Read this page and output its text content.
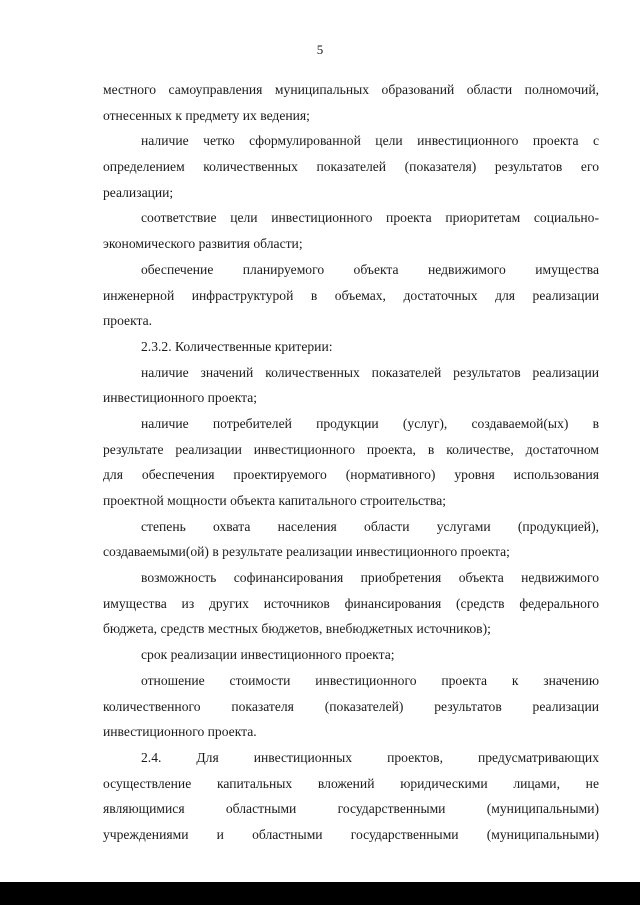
5
местного самоуправления муниципальных образований области полномочий,
отнесенных к предмету их ведения;
наличие четко сформулированной цели инвестиционного проекта с
определением количественных показателей (показателя) результатов его
реализации;
соответствие цели инвестиционного проекта приоритетам социально-
экономического развития области;
обеспечение планируемого объекта недвижимого имущества
инженерной инфраструктурой в объемах, достаточных для реализации
проекта.
2.3.2. Количественные критерии:
наличие значений количественных показателей результатов реализации
инвестиционного проекта;
наличие потребителей продукции (услуг), создаваемой(ых) в
результате реализации инвестиционного проекта, в количестве, достаточном
для обеспечения проектируемого (нормативного) уровня использования
проектной мощности объекта капитального строительства;
степень охвата населения области услугами (продукцией),
создаваемыми(ой) в результате реализации инвестиционного проекта;
возможность софинансирования приобретения объекта недвижимого
имущества из других источников финансирования (средств федерального
бюджета, средств местных бюджетов, внебюджетных источников);
срок реализации инвестиционного проекта;
отношение стоимости инвестиционного проекта к значению
количественного показателя (показателей) результатов реализации
инвестиционного проекта.
2.4. Для инвестиционных проектов, предусматривающих
осуществление капитальных вложений юридическими лицами, не
являющимися областными государственными (муниципальными)
учреждениями и областными государственными (муниципальными)
